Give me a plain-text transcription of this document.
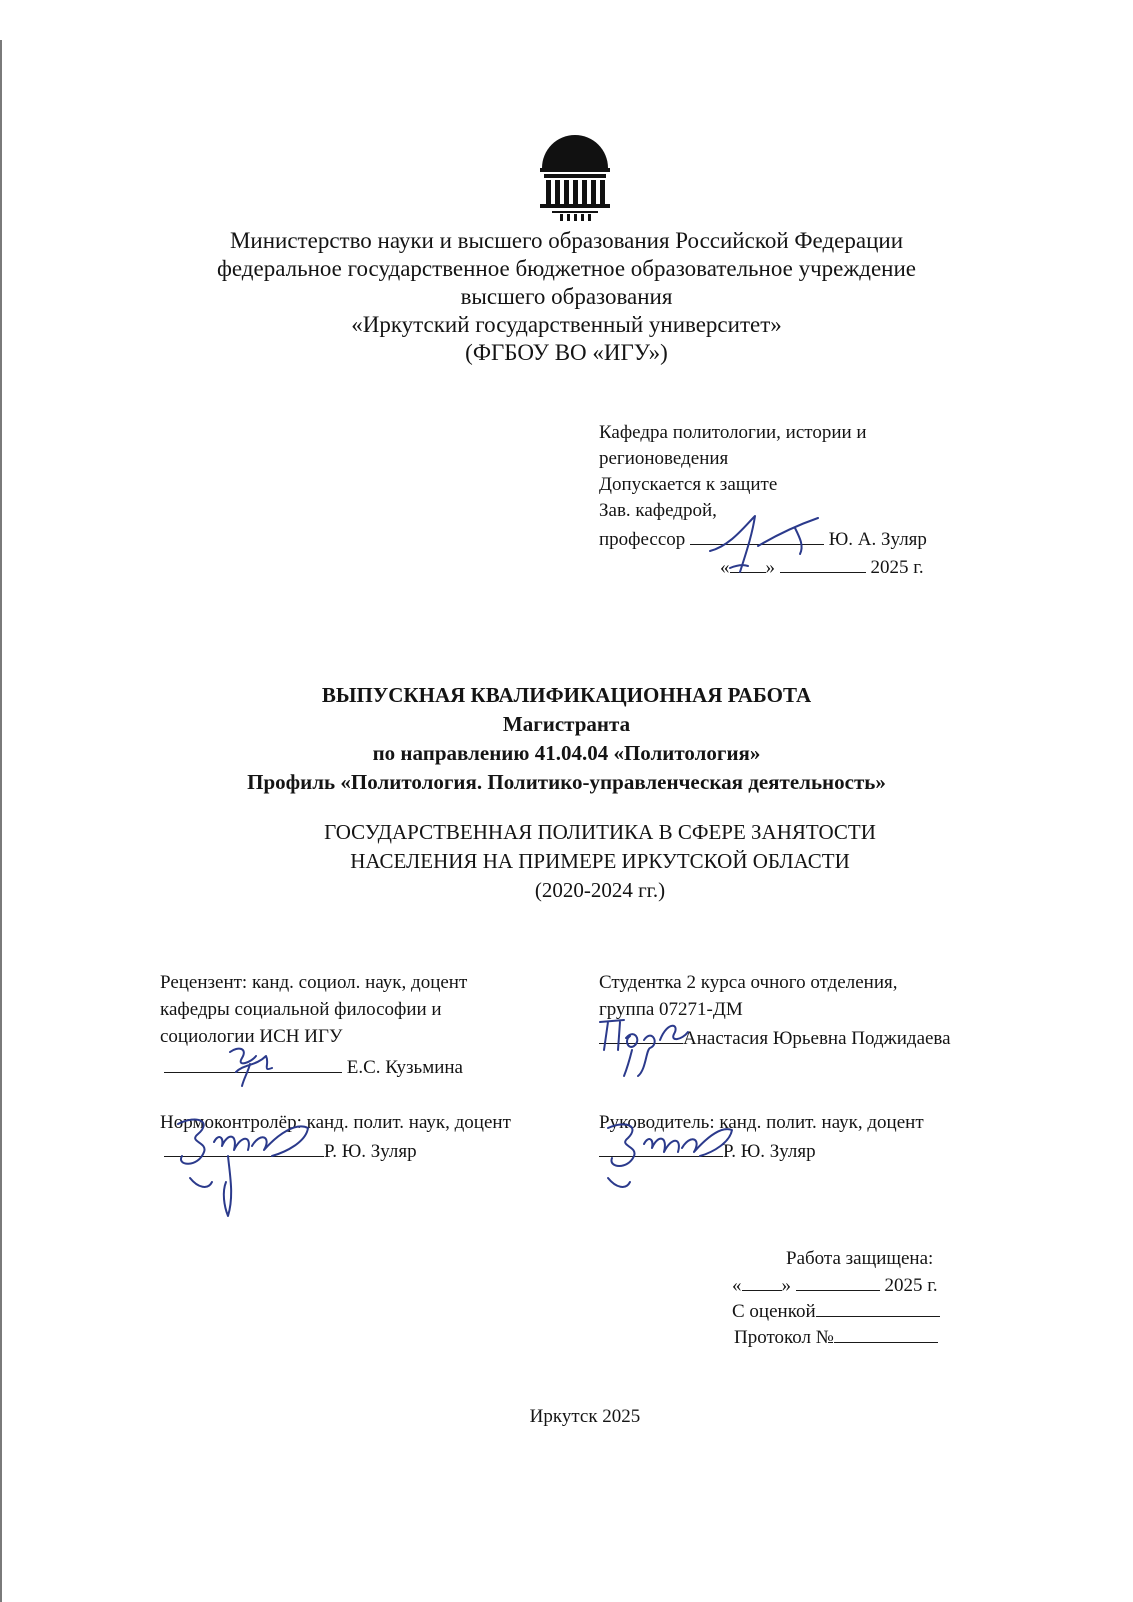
Министерство науки и высшего образования Российской Федерации
федеральное государственное бюджетное образовательное учреждение
высшего образования
«Иркутский государственный университет»
(ФГБОУ ВО «ИГУ»)
Кафедра политологии, истории и
регионоведения
Допускается к защите
Зав. кафедрой,
профессор	Ю. А. Зуляр
« »	2025 г.
ВЫПУСКНАЯ КВАЛИФИКАЦИОННАЯ РАБОТА
Магистранта
по направлению 41.04.04 «Политология»
Профиль «Политология. Политико-управленческая деятельность»
ГОСУДАРСТВЕННАЯ ПОЛИТИКА В СФЕРЕ ЗАНЯТОСТИ
НАСЕЛЕНИЯ НА ПРИМЕРЕ ИРКУТСКОЙ ОБЛАСТИ
(2020-2024 гг.)
Рецензент: канд. социол. наук, доцент
кафедры социальной философии и
социологии ИСН ИГУ
Е.С. Кузьмина
Студентка 2 курса очного отделения,
группа 07271-ДМ
Анастасия Юрьевна Поджидаева
Нормоконтролёр: канд. полит. наук, доцент
Р. Ю. Зуляр
Руководитель: канд. полит. наук, доцент
Р. Ю. Зуляр
Работа защищена:
« »	2025 г.
С оценкой
Протокол №
Иркутск 2025
